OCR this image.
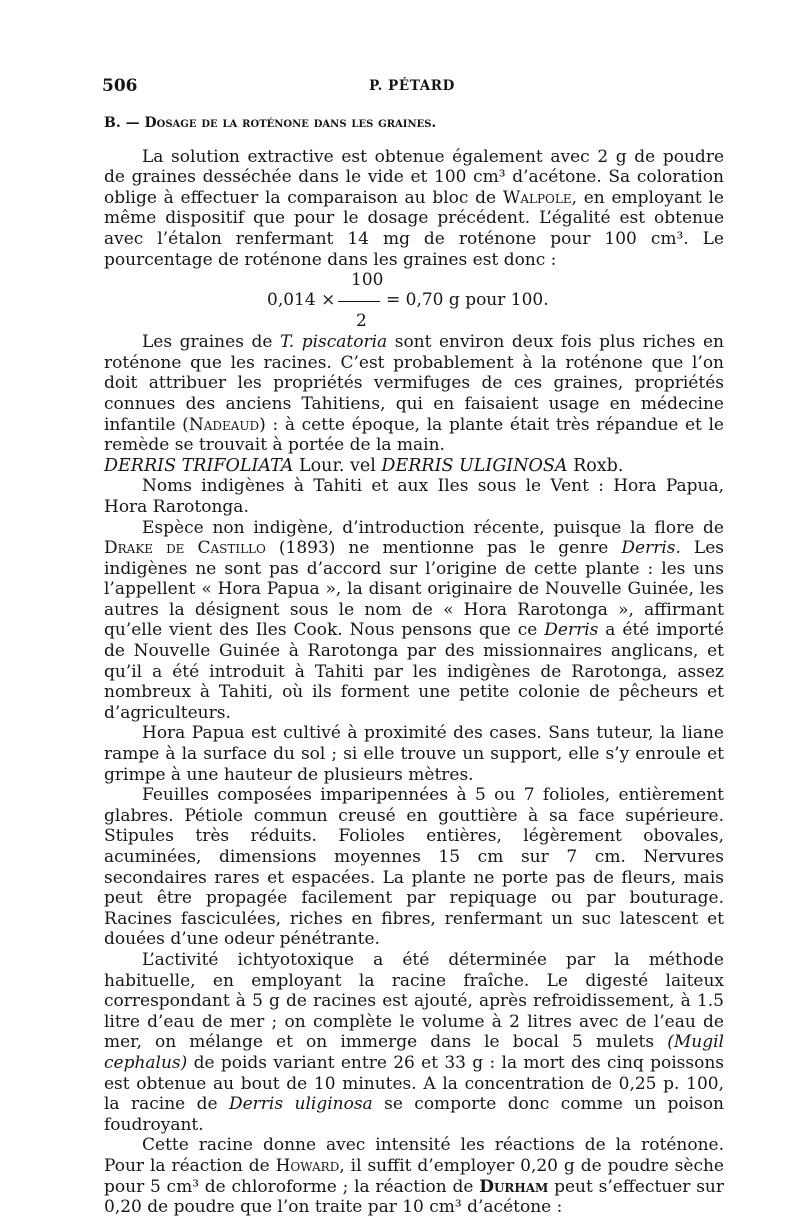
506	P. PÉTARD
B. — Dosage de la roténone dans les graines.

La solution extractive est obtenue également avec 2 g de poudre de graines desséchée dans le vide et 100 cm³ d’acétone. Sa coloration oblige à effectuer la comparaison au bloc de Walpole, en employant le même dispositif que pour le dosage précédent. L’égalité est obtenue avec l’étalon renfermant 14 mg de roténone pour 100 cm³. Le pourcentage de roténone dans les graines est donc :

100
0,014 ×	= 0,70 g pour 100.
2

Les graines de T. piscatoria sont environ deux fois plus riches en roténone que les racines. C’est probablement à la roténone que l’on doit attribuer les propriétés vermifuges de ces graines, propriétés connues des anciens Tahitiens, qui en faisaient usage en médecine infantile (Nadeaud) : à cette époque, la plante était très répandue et le remède se trouvait à portée de la main.

DERRIS TRIFOLIATA Lour. vel DERRIS ULIGINOSA Roxb.

Noms indigènes à Tahiti et aux Iles sous le Vent : Hora Papua, Hora Rarotonga.

Espèce non indigène, d’introduction récente, puisque la flore de Drake de Castillo (1893) ne mentionne pas le genre Derris. Les indigènes ne sont pas d’accord sur l’origine de cette plante : les uns l’appellent « Hora Papua », la disant originaire de Nouvelle Guinée, les autres la désignent sous le nom de « Hora Rarotonga », affirmant qu’elle vient des Iles Cook. Nous pensons que ce Derris a été importé de Nouvelle Guinée à Rarotonga par des missionnaires anglicans, et qu’il a été introduit à Tahiti par les indigènes de Rarotonga, assez nombreux à Tahiti, où ils forment une petite colonie de pêcheurs et d’agriculteurs.

Hora Papua est cultivé à proximité des cases. Sans tuteur, la liane rampe à la surface du sol ; si elle trouve un support, elle s’y enroule et grimpe à une hauteur de plusieurs mètres.

Feuilles composées imparipennées à 5 ou 7 folioles, entièrement glabres. Pétiole commun creusé en gouttière à sa face supérieure. Stipules très réduits. Folioles entières, légèrement obovales, acuminées, dimensions moyennes 15 cm sur 7 cm. Nervures secondaires rares et espacées. La plante ne porte pas de fleurs, mais peut être propagée facilement par repiquage ou par bouturage. Racines fasciculées, riches en fibres, renfermant un suc latescent et douées d’une odeur pénétrante.

L’activité ichtyotoxique a été déterminée par la méthode habituelle, en employant la racine fraîche. Le digesté laiteux correspondant à 5 g de racines est ajouté, après refroidissement, à 1.5 litre d’eau de mer ; on complète le volume à 2 litres avec de l’eau de mer, on mélange et on immerge dans le bocal 5 mulets (Mugil cephalus) de poids variant entre 26 et 33 g : la mort des cinq poissons est obtenue au bout de 10 minutes. A la concentration de 0,25 p. 100, la racine de Derris uliginosa se comporte donc comme un poison foudroyant.

Cette racine donne avec intensité les réactions de la roténone. Pour la réaction de Howard, il suffit d’employer 0,20 g de poudre sèche pour 5 cm³ de chloroforme ; la réaction de Durham peut s’effectuer sur 0,20 de poudre que l’on traite par 10 cm³ d’acétone :
